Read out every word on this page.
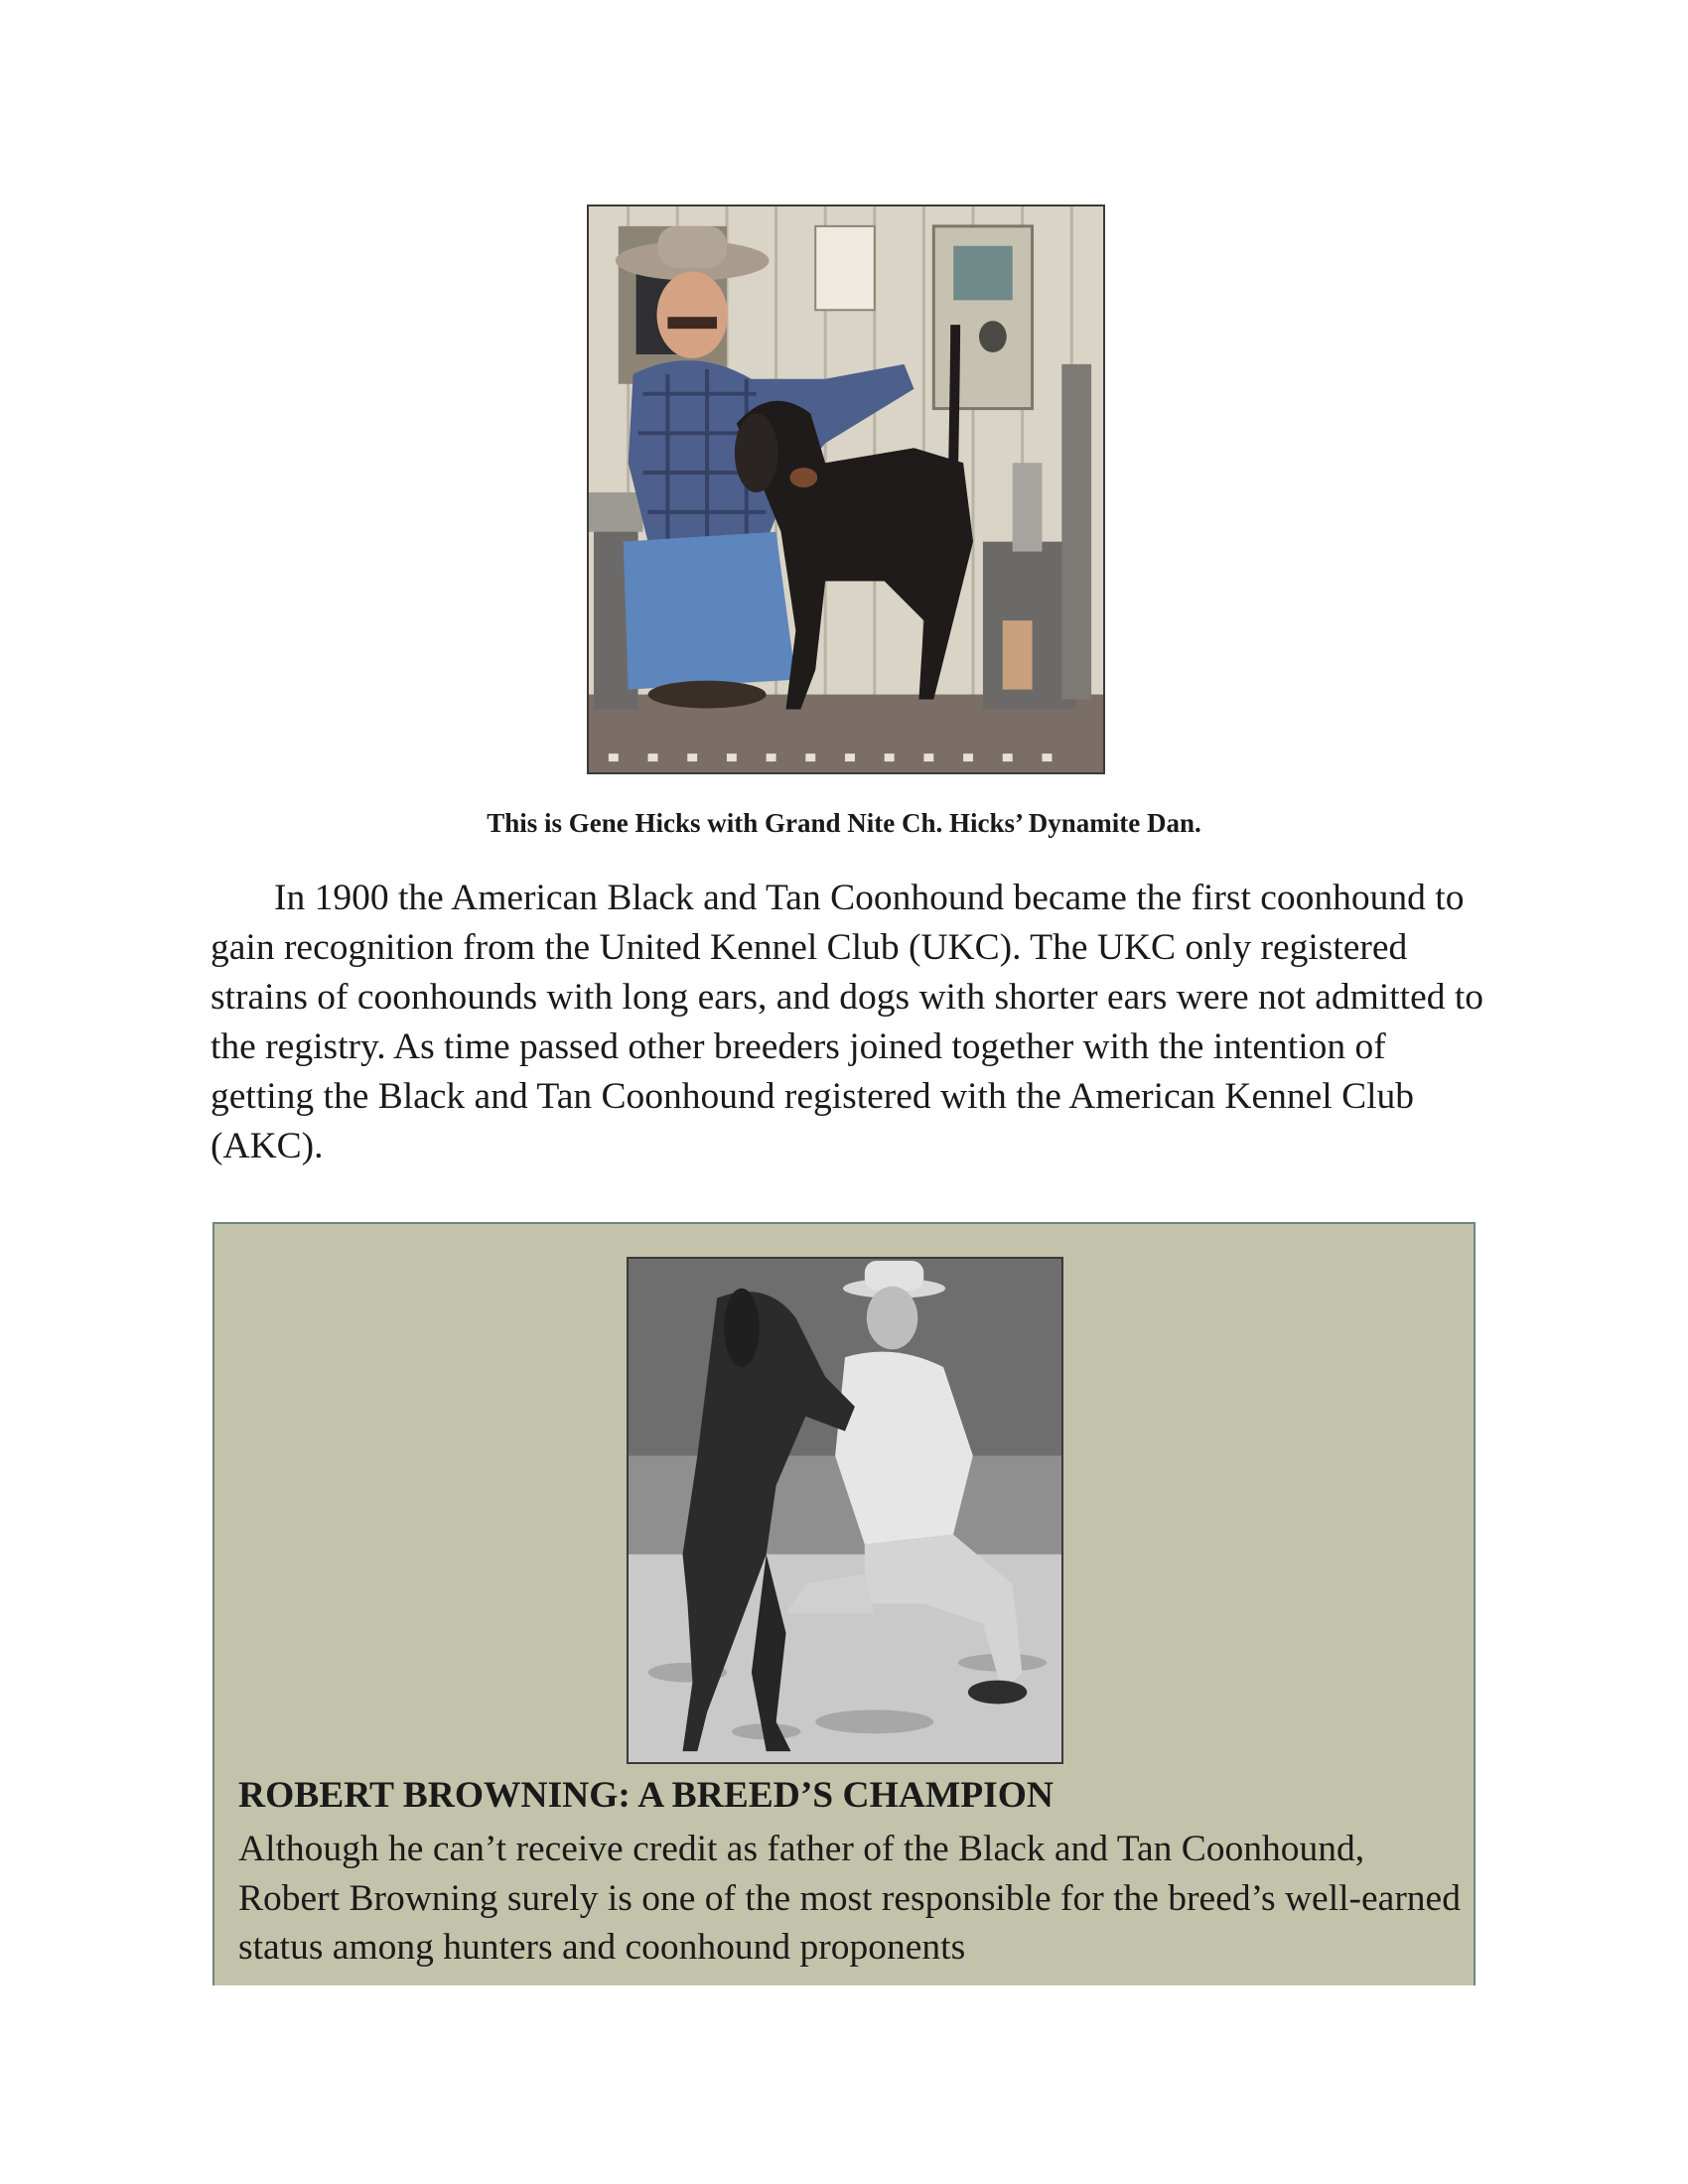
This is Gene Hicks with Grand Nite Ch. Hicks’ Dynamite Dan.

In 1900 the American Black and Tan Coonhound became the first coonhound to gain recognition from the United Kennel Club (UKC). The UKC only registered strains of coonhounds with long ears, and dogs with shorter ears were not admitted to the registry. As time passed other breeders joined together with the intention of getting the Black and Tan Coonhound registered with the American Kennel Club (AKC).

ROBERT BROWNING: A BREED’S CHAMPION

Although he can’t receive credit as father of the Black and Tan Coonhound, Robert Browning surely is one of the most responsible for the breed’s well-earned status among hunters and coonhound proponents
